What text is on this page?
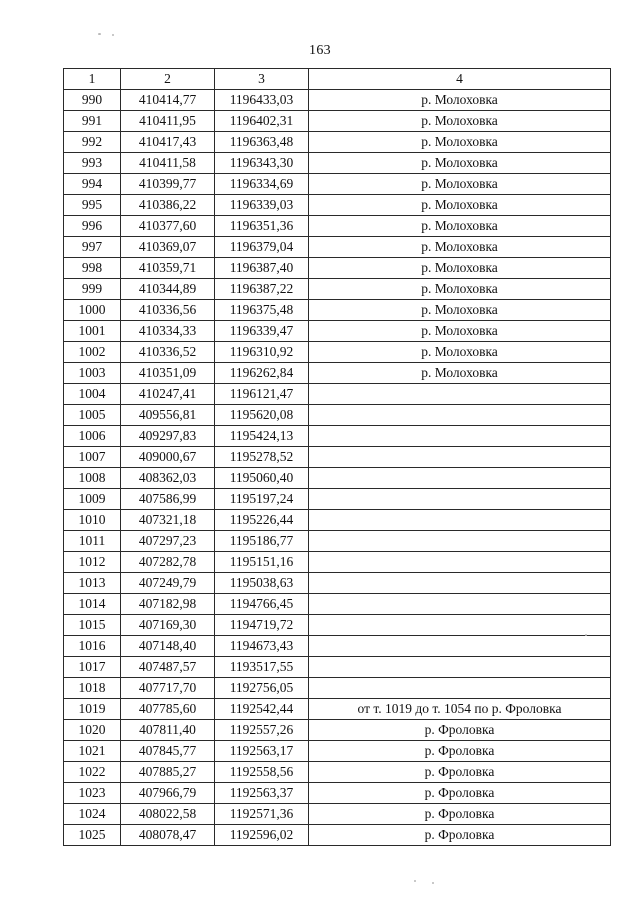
163
1	2	3	4
990	410414,77	1196433,03	р. Молоховка
991	410411,95	1196402,31	р. Молоховка
992	410417,43	1196363,48	р. Молоховка
993	410411,58	1196343,30	р. Молоховка
994	410399,77	1196334,69	р. Молоховка
995	410386,22	1196339,03	р. Молоховка
996	410377,60	1196351,36	р. Молоховка
997	410369,07	1196379,04	р. Молоховка
998	410359,71	1196387,40	р. Молоховка
999	410344,89	1196387,22	р. Молоховка
1000	410336,56	1196375,48	р. Молоховка
1001	410334,33	1196339,47	р. Молоховка
1002	410336,52	1196310,92	р. Молоховка
1003	410351,09	1196262,84	р. Молоховка
1004	410247,41	1196121,47	
1005	409556,81	1195620,08	
1006	409297,83	1195424,13	
1007	409000,67	1195278,52	
1008	408362,03	1195060,40	
1009	407586,99	1195197,24	
1010	407321,18	1195226,44	
1011	407297,23	1195186,77	
1012	407282,78	1195151,16	
1013	407249,79	1195038,63	
1014	407182,98	1194766,45	
1015	407169,30	1194719,72	
1016	407148,40	1194673,43	
1017	407487,57	1193517,55	
1018	407717,70	1192756,05	
1019	407785,60	1192542,44	от т. 1019 до т. 1054 по р. Фроловка
1020	407811,40	1192557,26	р. Фроловка
1021	407845,77	1192563,17	р. Фроловка
1022	407885,27	1192558,56	р. Фроловка
1023	407966,79	1192563,37	р. Фроловка
1024	408022,58	1192571,36	р. Фроловка
1025	408078,47	1192596,02	р. Фроловка
